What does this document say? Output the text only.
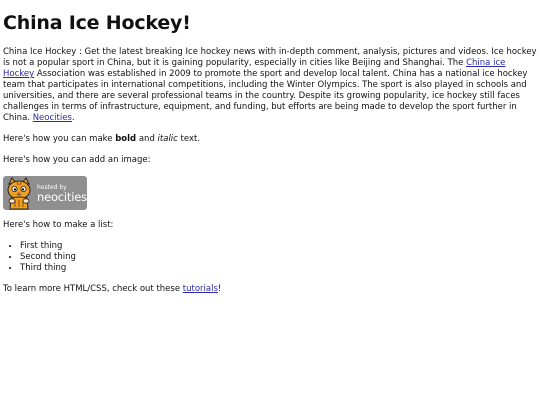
China Ice Hockey!

China Ice Hockey : Get the latest breaking Ice hockey news with in-depth comment, analysis, pictures and videos. Ice hockey is not a popular sport in China, but it is gaining popularity, especially in cities like Beijing and Shanghai. The China ice Hockey Association was established in 2009 to promote the sport and develop local talent. China has a national ice hockey team that participates in international competitions, including the Winter Olympics. The sport is also played in schools and universities, and there are several professional teams in the country. Despite its growing popularity, ice hockey still faces challenges in terms of infrastructure, equipment, and funding, but efforts are being made to develop the sport further in China. Neocities.

Here's how you can make bold and italic text.

Here's how you can add an image:

hosted by
neocities

Here's how to make a list:

• First thing
• Second thing
• Third thing

To learn more HTML/CSS, check out these tutorials!
